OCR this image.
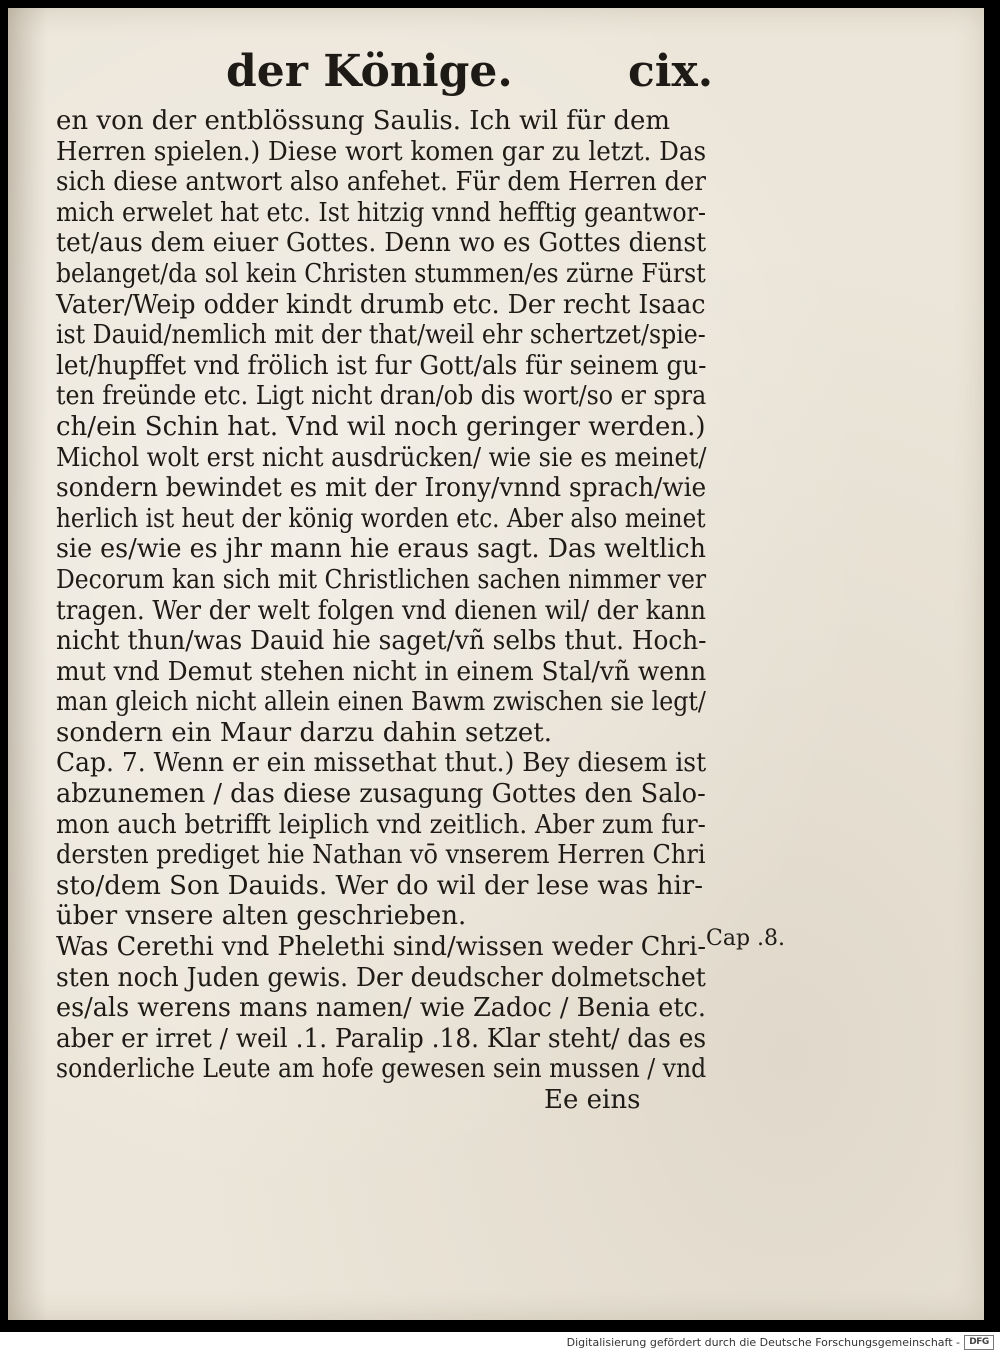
der Könige.	cix.
en von der entblössung Saulis. Ich wil für dem
Herren spielen.) Diese wort komen gar zu letzt. Das
sich diese antwort also anfehet. Für dem Herren der
mich erwelet hat etc. Ist hitzig vnnd hefftig geantwor-
tet/aus dem eiuer Gottes. Denn wo es Gottes dienst
belanget/da sol kein Christen stummen/es zürne Fürst
Vater/Weip odder kindt drumb etc. Der recht Isaac
ist Dauid/nemlich mit der that/weil ehr schertzet/spie-
let/hupffet vnd frölich ist fur Gott/als für seinem gu-
ten freünde etc. Ligt nicht dran/ob dis wort/so er spra
ch/ein Schin hat. Vnd wil noch geringer werden.)
Michol wolt erst nicht ausdrücken/ wie sie es meinet/
sondern bewindet es mit der Irony/vnnd sprach/wie
herlich ist heut der könig worden etc. Aber also meinet
sie es/wie es jhr mann hie eraus sagt. Das weltlich
Decorum kan sich mit Christlichen sachen nimmer ver
tragen. Wer der welt folgen vnd dienen wil/ der kann
nicht thun/was Dauid hie saget/vñ selbs thut. Hoch-
mut vnd Demut stehen nicht in einem Stal/vñ wenn
man gleich nicht allein einen Bawm zwischen sie legt/
sondern ein Maur darzu dahin setzet.
Cap. 7. Wenn er ein missethat thut.) Bey diesem ist
abzunemen / das diese zusagung Gottes den Salo-
mon auch betrifft leiplich vnd zeitlich. Aber zum fur-
dersten prediget hie Nathan vō vnserem Herren Chri
sto/dem Son Dauids. Wer do wil der lese was hir-
über vnsere alten geschrieben.
Was Cerethi vnd Phelethi sind/wissen weder Chri-
sten noch Juden gewis. Der deudscher dolmetschet
es/als werens mans namen/ wie Zadoc / Benia etc.
aber er irret / weil .1. Paralip .18. Klar steht/ das es
sonderliche Leute am hofe gewesen sein mussen / vnd
Ee eins
Cap .8.
Digitalisierung gefördert durch die Deutsche Forschungsgemeinschaft -	DFG
